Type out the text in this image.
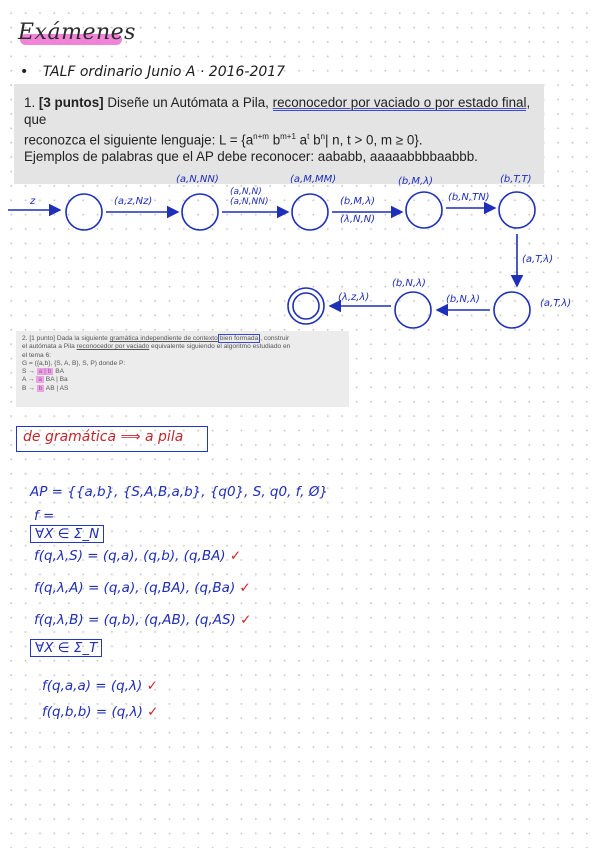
Exámenes
• TALF ordinario Junio A · 2016-2017
1. [3 puntos] Diseñe un Autómata a Pila, reconocedor por vaciado o por estado final, que
reconozca el siguiente lenguaje: $L = \{a^{n+m}$ $b^{m+1}$ $a^t$ $b^n|$ n, t > 0, m ≥ 0}.
Ejemplos de palabras que el AP debe reconocer: aababb, aaaaabbbbaabbb.
z	(a,z,Nz)
(a,N,NN)
(a,N,N)
(a,N,NN)
(a,M,MM)
(b,M,λ)
(λ,N,N)
(b,M,λ)
(b,N,TN)
(b,T,T)
(a,T,λ)
(a,T,λ)
(b,N,λ)
(b,N,λ)
(λ,z,λ)
2. [1 punto] Dada la siguiente gramática independiente de contexto bien formada , construir
el autómata a Pila reconocedor por vaciado equivalente siguiendo el algoritmo estudiado en
el tema 6:
G = ({a,b}, {S, A, B}, S, P) donde P:
S → a | b BA
A → a BA | Ba
B → b AB | AS
de gramática ⟹ a pila
AP = {{a,b}, {S,A,B,a,b}, {q0}, S, q0, f, Ø}
f =
∀X ∈ Σ_N
f(q,λ,S) = (q,a), (q,b), (q,BA) ✓
f(q,λ,A) = (q,a), (q,BA), (q,Ba) ✓
f(q,λ,B) = (q,b), (q,AB), (q,AS) ✓
∀X ∈ Σ_T
f(q,a,a) = (q,λ) ✓
f(q,b,b) = (q,λ) ✓
